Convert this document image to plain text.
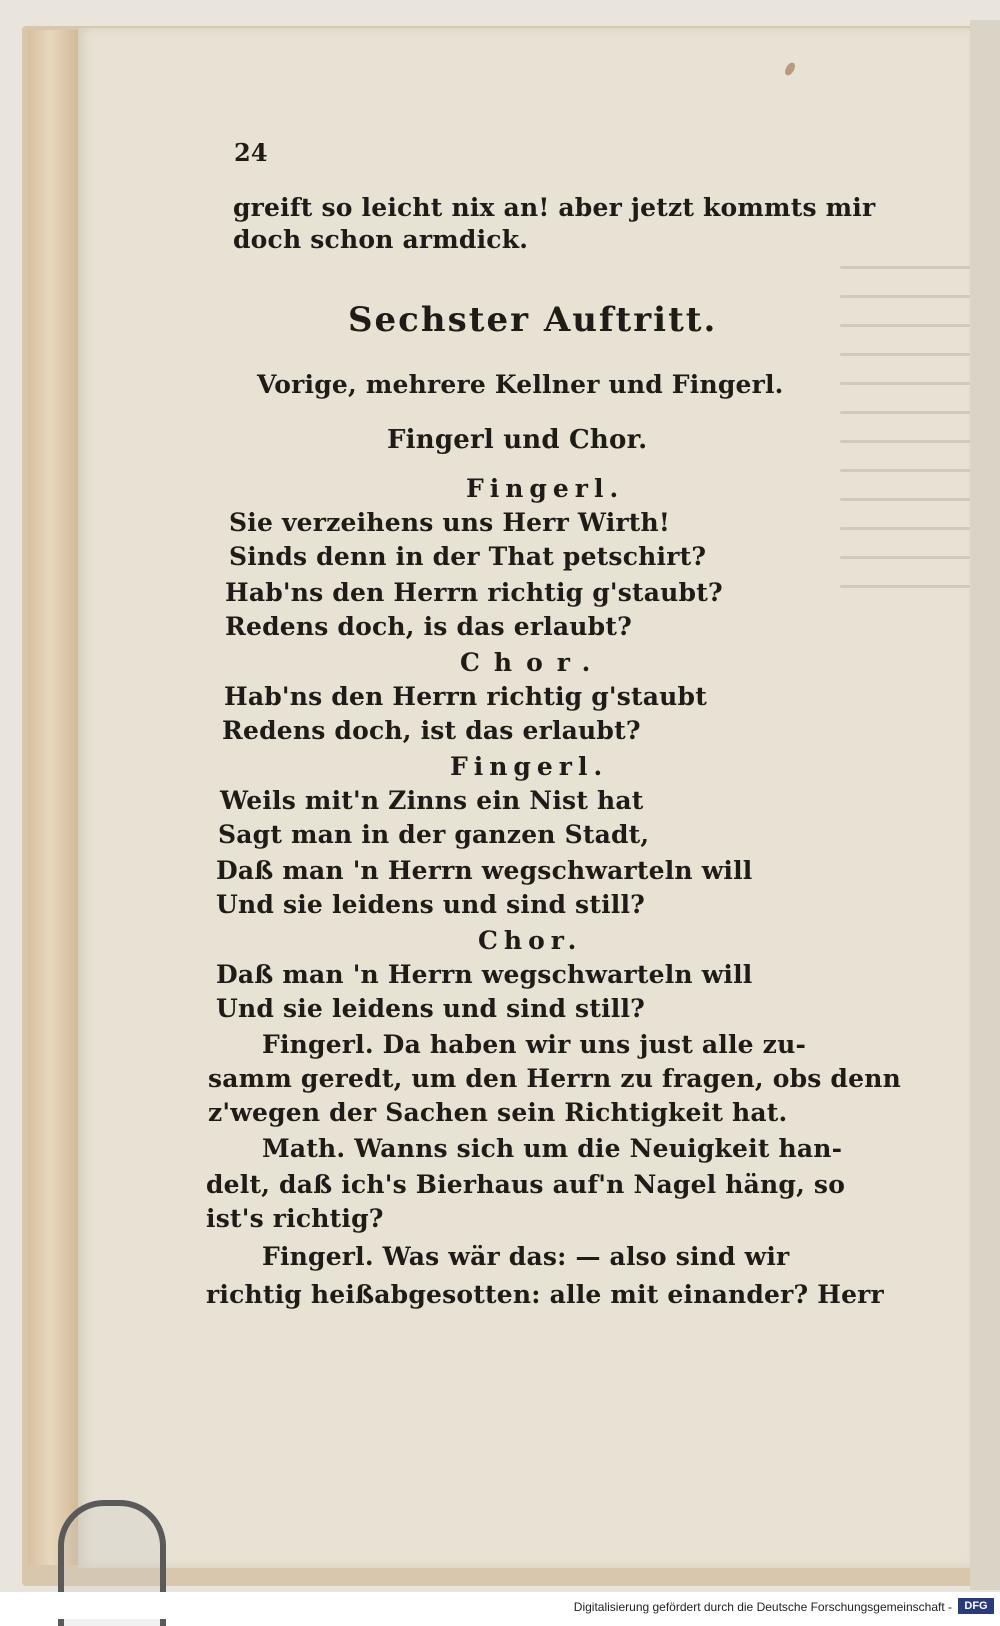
24
greift so leicht nix an! aber jetzt kommts mir
doch schon armdick.
Sechster Auftritt.
Vorige, mehrere Kellner und Fingerl.
Fingerl und Chor.
Fingerl.
Sie verzeihens uns Herr Wirth!
Sinds denn in der That petschirt?
Hab'ns den Herrn richtig g'staubt?
Redens doch, is das erlaubt?
Chor.
Hab'ns den Herrn richtig g'staubt
Redens doch, ist das erlaubt?
Fingerl.
Weils mit'n Zinns ein Nist hat
Sagt man in der ganzen Stadt,
Daß man 'n Herrn wegschwarteln will
Und sie leidens und sind still?
Chor.
Daß man 'n Herrn wegschwarteln will
Und sie leidens und sind still?
Fingerl. Da haben wir uns just alle zu-
samm geredt, um den Herrn zu fragen, obs denn
z'wegen der Sachen sein Richtigkeit hat.
Math. Wanns sich um die Neuigkeit han-
delt, daß ich's Bierhaus auf'n Nagel häng, so
ist's richtig?
Fingerl. Was wär das: — also sind wir
richtig heißabgesotten: alle mit einander? Herr
Digitalisierung gefördert durch die Deutsche Forschungsgemeinschaft -	DFG
